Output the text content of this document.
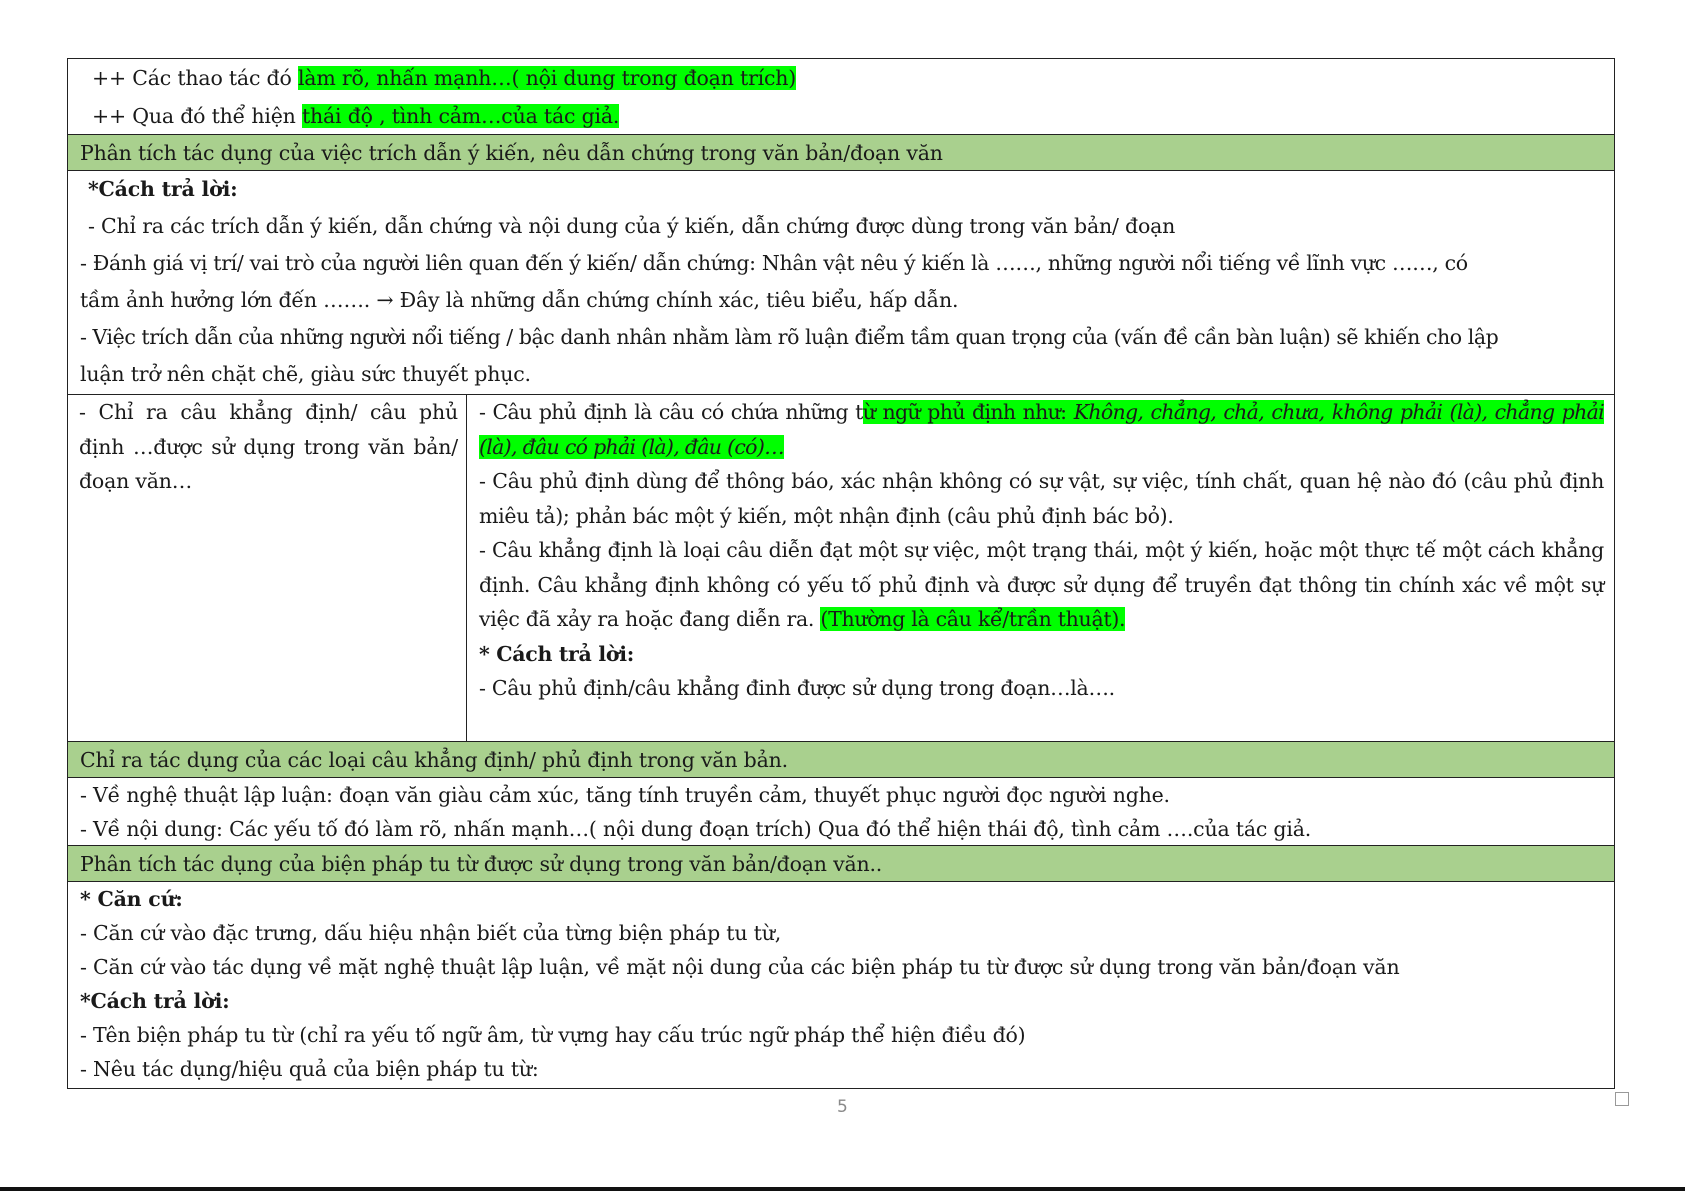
++ Các thao tác đó làm rõ, nhấn mạnh…( nội dung trong đoạn trích)
++ Qua đó thể hiện thái độ , tình cảm…của tác giả.
Phân tích tác dụng của việc trích dẫn ý kiến, nêu dẫn chứng trong văn bản/đoạn văn
*Cách trả lời:
- Chỉ ra các trích dẫn ý kiến, dẫn chứng và nội dung của ý kiến, dẫn chứng được dùng trong văn bản/ đoạn
- Đánh giá vị trí/ vai trò của người liên quan đến ý kiến/ dẫn chứng: Nhân vật nêu ý kiến là ……, những người nổi tiếng về lĩnh vực ……, có
tầm ảnh hưởng lớn đến ……. → Đây là những dẫn chứng chính xác, tiêu biểu, hấp dẫn.
- Việc trích dẫn của những người nổi tiếng / bậc danh nhân nhằm làm rõ luận điểm tầm quan trọng của (vấn đề cần bàn luận) sẽ khiến cho lập
luận trở nên chặt chẽ, giàu sức thuyết phục.

- Chỉ ra câu khẳng định/ câu phủ định …được sử dụng trong văn bản/đoạn văn…

- Câu phủ định là câu có chứa những từ ngữ phủ định như: Không, chẳng, chả, chưa, không phải (là), chẳng phải (là), đâu có phải (là), đâu (có)…

- Câu phủ định dùng để thông báo, xác nhận không có sự vật, sự việc, tính chất, quan hệ nào đó (câu phủ định miêu tả); phản bác một ý kiến, một nhận định (câu phủ định bác bỏ).

- Câu khẳng định là loại câu diễn đạt một sự việc, một trạng thái, một ý kiến, hoặc một thực tế một cách khẳng định. Câu khẳng định không có yếu tố phủ định và được sử dụng để truyền đạt thông tin chính xác về một sự việc đã xảy ra hoặc đang diễn ra. (Thường là câu kể/trần thuật).

* Cách trả lời:

- Câu phủ định/câu khẳng đinh được sử dụng trong đoạn…là….

Chỉ ra tác dụng của các loại câu khẳng định/ phủ định trong văn bản.
- Về nghệ thuật lập luận: đoạn văn giàu cảm xúc, tăng tính truyền cảm, thuyết phục người đọc người nghe.
- Về nội dung: Các yếu tố đó làm rõ, nhấn mạnh…( nội dung đoạn trích) Qua đó thể hiện thái độ, tình cảm ….của tác giả.
Phân tích tác dụng của biện pháp tu từ được sử dụng trong văn bản/đoạn văn..
* Căn cứ:
- Căn cứ vào đặc trưng, dấu hiệu nhận biết của từng biện pháp tu từ,
- Căn cứ vào tác dụng về mặt nghệ thuật lập luận, về mặt nội dung của các biện pháp tu từ được sử dụng trong văn bản/đoạn văn
*Cách trả lời:
- Tên biện pháp tu từ (chỉ ra yếu tố ngữ âm, từ vựng hay cấu trúc ngữ pháp thể hiện điều đó)
- Nêu tác dụng/hiệu quả của biện pháp tu từ:
5
